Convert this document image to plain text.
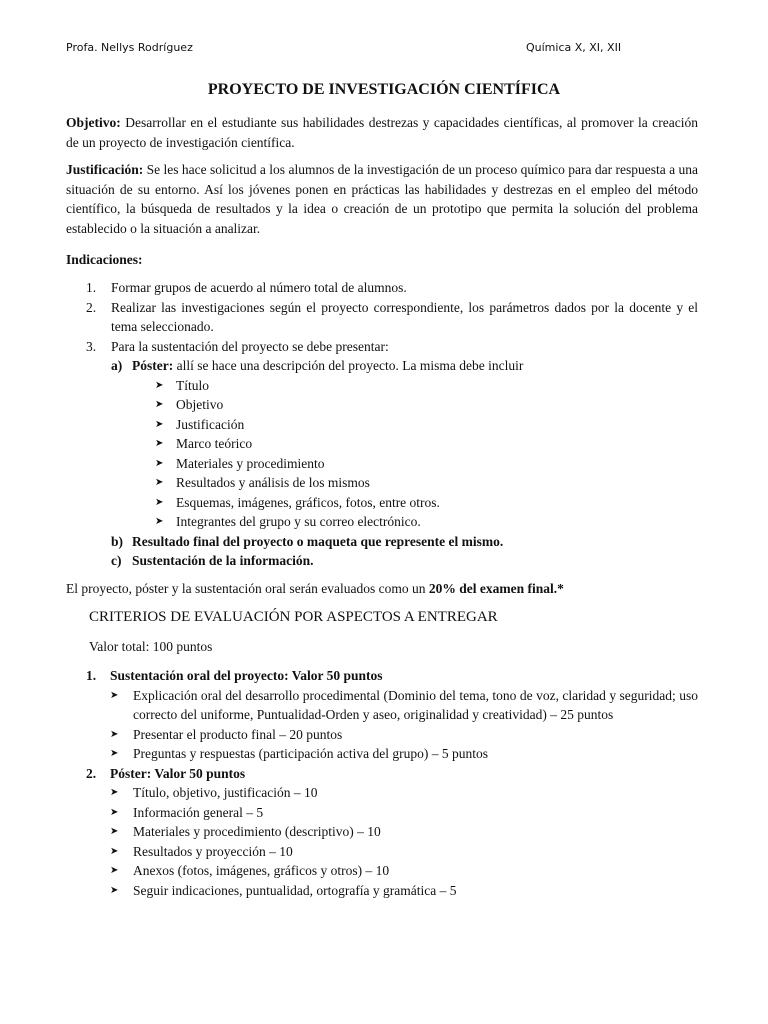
Profa. Nellys Rodríguez	Química X, XI, XII
PROYECTO DE INVESTIGACIÓN CIENTÍFICA
Objetivo: Desarrollar en el estudiante sus habilidades destrezas y capacidades científicas, al promover la creación de un proyecto de investigación científica.
Justificación: Se les hace solicitud a los alumnos de la investigación de un proceso químico para dar respuesta a una situación de su entorno. Así los jóvenes ponen en prácticas las habilidades y destrezas en el empleo del método científico, la búsqueda de resultados y la idea o creación de un prototipo que permita la solución del problema establecido o la situación a analizar.
Indicaciones:
1. Formar grupos de acuerdo al número total de alumnos.
2. Realizar las investigaciones según el proyecto correspondiente, los parámetros dados por la docente y el tema seleccionado.
3. Para la sustentación del proyecto se debe presentar:
a) Póster: allí se hace una descripción del proyecto. La misma debe incluir
➤ Título
➤ Objetivo
➤ Justificación
➤ Marco teórico
➤ Materiales y procedimiento
➤ Resultados y análisis de los mismos
➤ Esquemas, imágenes, gráficos, fotos, entre otros.
➤ Integrantes del grupo y su correo electrónico.
b) Resultado final del proyecto o maqueta que represente el mismo.
c) Sustentación de la información.
El proyecto, póster y la sustentación oral serán evaluados como un 20% del examen final.*
CRITERIOS DE EVALUACIÓN POR ASPECTOS A ENTREGAR
Valor total: 100 puntos
1. Sustentación oral del proyecto: Valor 50 puntos
➤ Explicación oral del desarrollo procedimental (Dominio del tema, tono de voz, claridad y seguridad; uso correcto del uniforme, Puntualidad-Orden y aseo, originalidad y creatividad) – 25 puntos
➤ Presentar el producto final – 20 puntos
➤ Preguntas y respuestas (participación activa del grupo) – 5 puntos
2. Póster: Valor 50 puntos
➤ Título, objetivo, justificación – 10
➤ Información general – 5
➤ Materiales y procedimiento (descriptivo) – 10
➤ Resultados y proyección – 10
➤ Anexos (fotos, imágenes, gráficos y otros) – 10
➤ Seguir indicaciones, puntualidad, ortografía y gramática – 5
